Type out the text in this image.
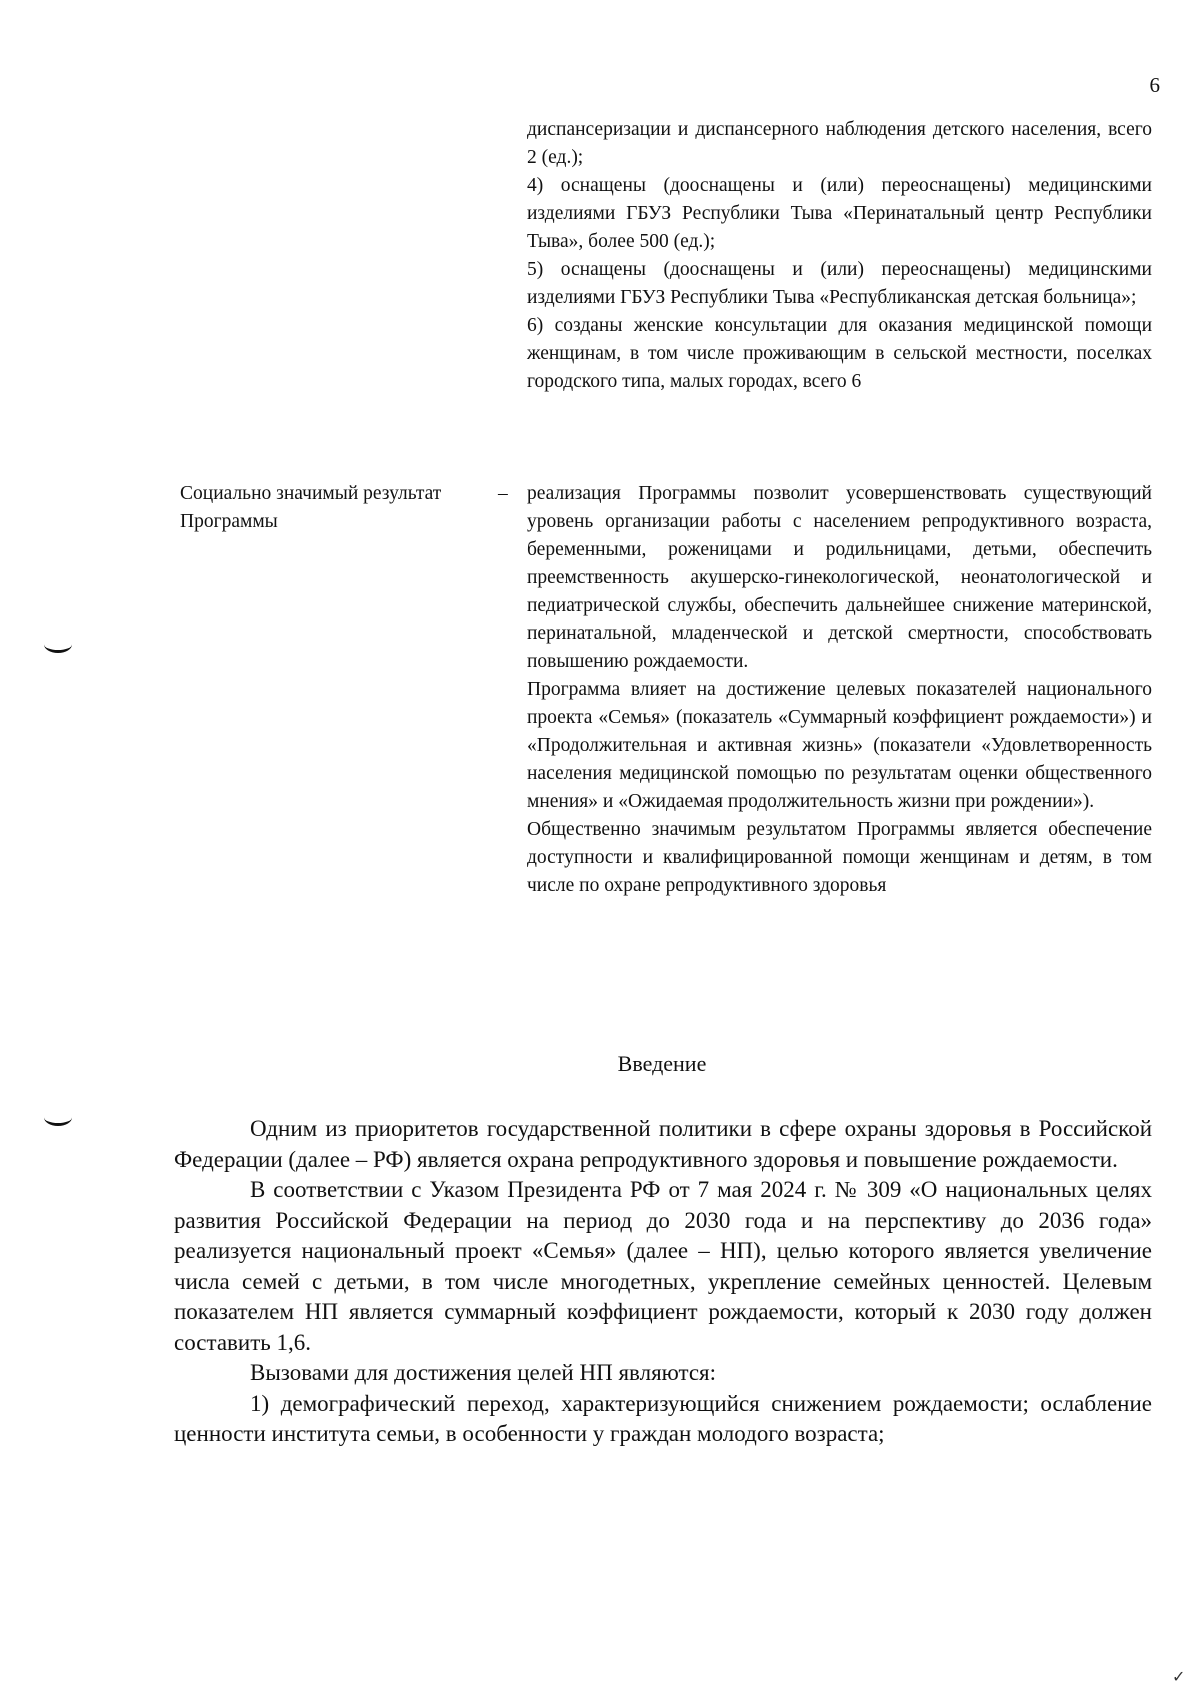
6

диспансеризации и диспансерного наблюдения детского населения, всего 2 (ед.);

4) оснащены (дооснащены и (или) переоснащены) медицинскими изделиями ГБУЗ Республики Тыва «Перинатальный центр Республики Тыва», более 500 (ед.);

5) оснащены (дооснащены и (или) переоснащены) медицинскими изделиями ГБУЗ Республики Тыва «Республиканская детская больница»;

6) созданы женские консультации для оказания медицинской помощи женщинам, в том числе проживающим в сельской местности, поселках городского типа, малых городах, всего 6

Социально значимый результат Программы
– реализация Программы позволит усовершенствовать существующий уровень организации работы с населением репродуктивного возраста, беременными, роженицами и родильницами, детьми, обеспечить преемственность акушерско-гинекологической, неонатологической и педиатрической службы, обеспечить дальнейшее снижение материнской, перинатальной, младенческой и детской смертности, способствовать повышению рождаемости.

Программа влияет на достижение целевых показателей национального проекта «Семья» (показатель «Суммарный коэффициент рождаемости») и «Продолжительная и активная жизнь» (показатели «Удовлетворенность населения медицинской помощью по результатам оценки общественного мнения» и «Ожидаемая продолжительность жизни при рождении»).

Общественно значимым результатом Программы является обеспечение доступности и квалифицированной помощи женщинам и детям, в том числе по охране репродуктивного здоровья

Введение

Одним из приоритетов государственной политики в сфере охраны здоровья в Российской Федерации (далее – РФ) является охрана репродуктивного здоровья и повышение рождаемости.

В соответствии с Указом Президента РФ от 7 мая 2024 г. № 309 «О национальных целях развития Российской Федерации на период до 2030 года и на перспективу до 2036 года» реализуется национальный проект «Семья» (далее – НП), целью которого является увеличение числа семей с детьми, в том числе многодетных, укрепление семейных ценностей. Целевым показателем НП является суммарный коэффициент рождаемости, который к 2030 году должен составить 1,6.

Вызовами для достижения целей НП являются:

1) демографический переход, характеризующийся снижением рождаемости; ослабление ценности института семьи, в особенности у граждан молодого возраста;

✓
